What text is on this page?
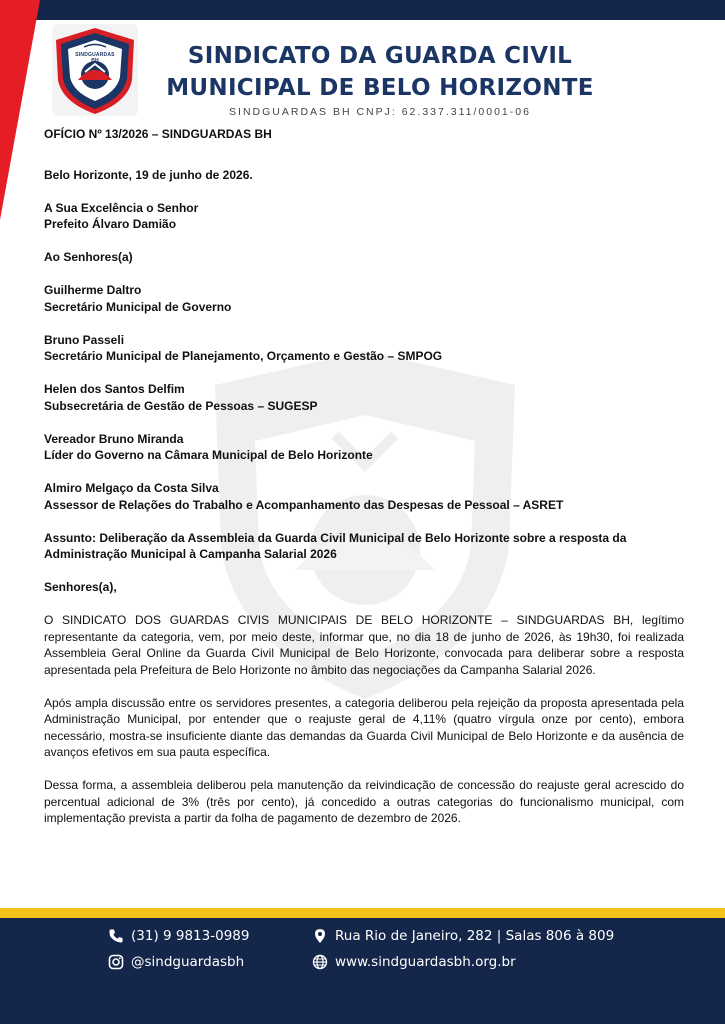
SINDGUARDAS BH	SINDICATO DA GUARDA CIVIL
MUNICIPAL DE BELO HORIZONTE
SINDGUARDAS BH CNPJ: 62.337.311/0001-06

OFÍCIO Nº 13/2026 – SINDGUARDAS BH

Belo Horizonte, 19 de junho de 2026.

A Sua Excelência o Senhor

Prefeito Álvaro Damião

Ao Senhores(a)

Guilherme Daltro

Secretário Municipal de Governo

Bruno Passeli

Secretário Municipal de Planejamento, Orçamento e Gestão – SMPOG

Helen dos Santos Delfim

Subsecretária de Gestão de Pessoas – SUGESP

Vereador Bruno Miranda

Líder do Governo na Câmara Municipal de Belo Horizonte

Almiro Melgaço da Costa Silva

Assessor de Relações do Trabalho e Acompanhamento das Despesas de Pessoal – ASRET

Assunto: Deliberação da Assembleia da Guarda Civil Municipal de Belo Horizonte sobre a resposta da Administração Municipal à Campanha Salarial 2026

Senhores(a),

O SINDICATO DOS GUARDAS CIVIS MUNICIPAIS DE BELO HORIZONTE – SINDGUARDAS BH, legítimo representante da categoria, vem, por meio deste, informar que, no dia 18 de junho de 2026, às 19h30, foi realizada Assembleia Geral Online da Guarda Civil Municipal de Belo Horizonte, convocada para deliberar sobre a resposta apresentada pela Prefeitura de Belo Horizonte no âmbito das negociações da Campanha Salarial 2026.

Após ampla discussão entre os servidores presentes, a categoria deliberou pela rejeição da proposta apresentada pela Administração Municipal, por entender que o reajuste geral de 4,11% (quatro vírgula onze por cento), embora necessário, mostra-se insuficiente diante das demandas da Guarda Civil Municipal de Belo Horizonte e da ausência de avanços efetivos em sua pauta específica.

Dessa forma, a assembleia deliberou pela manutenção da reivindicação de concessão do reajuste geral acrescido do percentual adicional de 3% (três por cento), já concedido a outras categorias do funcionalismo municipal, com implementação prevista a partir da folha de pagamento de dezembro de 2026.

(31) 9 9813-0989
@sindguardasbh
Rua Rio de Janeiro, 282 | Salas 806 à 809
www.sindguardasbh.org.br
